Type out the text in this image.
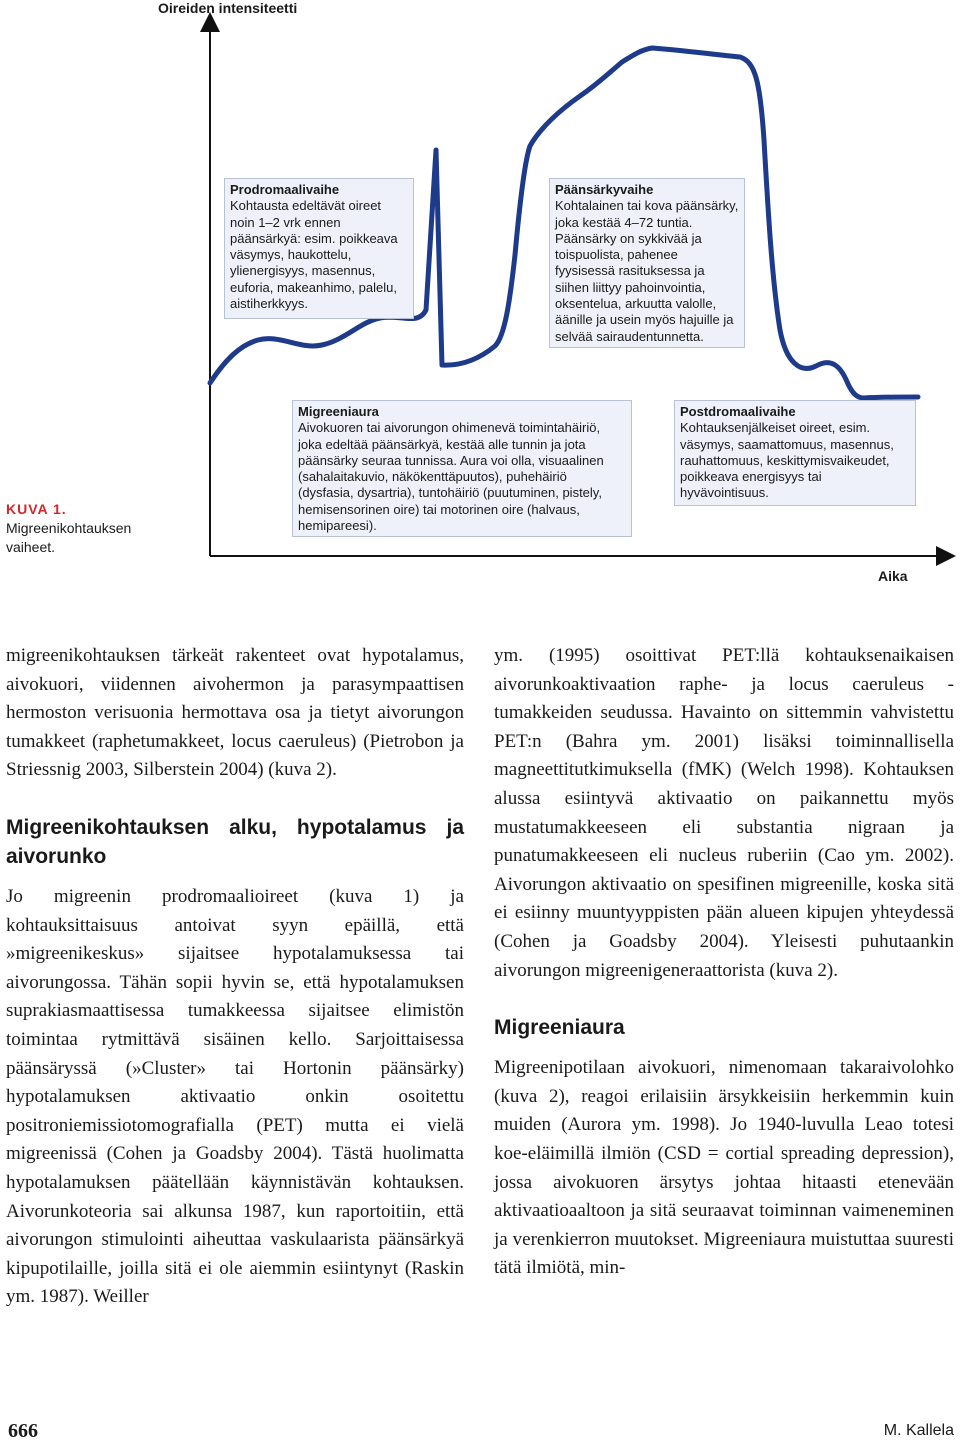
Oireiden intensiteetti
Aika
KUVA 1. Migreenikohtauksen vaiheet.
Prodromaalivaihe
Kohtausta edeltävät oireet noin 1–2 vrk ennen päänsärkyä: esim. poikkeava väsymys, haukottelu, ylienergisyys, masennus, euforia, makeanhimo, palelu, aistiherkkyys.
Päänsärkyvaihe
Kohtalainen tai kova päänsärky, joka kestää 4–72 tuntia. Päänsärky on sykkivää ja toispuolista, pahenee fyysisessä rasituksessa ja siihen liittyy pahoinvointia, oksentelua, arkuutta valolle, äänille ja usein myös hajuille ja selvää sairaudentunnetta.
Migreeniaura
Aivokuoren tai aivorungon ohimenevä toimintahäiriö, joka edeltää päänsärkyä, kestää alle tunnin ja jota päänsärky seuraa tunnissa. Aura voi olla, visuaalinen (sahalaitakuvio, näkökenttäpuutos), puhehäiriö (dysfasia, dysartria), tuntohäiriö (puutuminen, pistely, hemisensorinen oire) tai motorinen oire (halvaus, hemipareesi).
Postdromaalivaihe
Kohtauksenjälkeiset oireet, esim. väsymys, saamattomuus, masennus, rauhattomuus, keskittymisvaikeudet, poikkeava energisyys tai hyvävointisuus.

migreenikohtauksen tärkeät rakenteet ovat hypotalamus, aivokuori, viidennen aivohermon ja parasympaattisen hermoston verisuonia hermottava osa ja tietyt aivorungon tumakkeet (raphetumakkeet, locus caeruleus) (Pietrobon ja Striessnig 2003, Silberstein 2004) (kuva 2).

Migreenikohtauksen alku, hypotalamus ja aivorunko

Jo migreenin prodromaalioireet (kuva 1) ja kohtauksittaisuus antoivat syyn epäillä, että »migreenikeskus» sijaitsee hypotalamuksessa tai aivorungossa. Tähän sopii hyvin se, että hypotalamuksen suprakiasmaattisessa tumakkeessa sijaitsee elimistön toimintaa rytmittävä sisäinen kello. Sarjoittaisessa päänsäryssä (»Cluster» tai Hortonin päänsärky) hypotalamuksen aktivaatio onkin osoitettu positroniemissiotomografialla (PET) mutta ei vielä migreenissä (Cohen ja Goadsby 2004). Tästä huolimatta hypotalamuksen päätellään käynnistävän kohtauksen. Aivorunkoteoria sai alkunsa 1987, kun raportoitiin, että aivorungon stimulointi aiheuttaa vaskulaarista päänsärkyä kipupotilaille, joilla sitä ei ole aiemmin esiintynyt (Raskin ym. 1987). Weiller

ym. (1995) osoittivat PET:llä kohtauksenaikaisen aivorunkoaktivaation raphe- ja locus caeruleus -tumakkeiden seudussa. Havainto on sittemmin vahvistettu PET:n (Bahra ym. 2001) lisäksi toiminnallisella magneettitutkimuksella (fMK) (Welch 1998). Kohtauksen alussa esiintyvä aktivaatio on paikannettu myös mustatumakkeeseen eli substantia nigraan ja punatumakkeeseen eli nucleus ruberiin (Cao ym. 2002). Aivorungon aktivaatio on spesifinen migreenille, koska sitä ei esiinny muuntyyppisten pään alueen kipujen yhteydessä (Cohen ja Goadsby 2004). Yleisesti puhutaankin aivorungon migreenigeneraattorista (kuva 2).

Migreeniaura

Migreenipotilaan aivokuori, nimenomaan takaraivolohko (kuva 2), reagoi erilaisiin ärsykkeisiin herkemmin kuin muiden (Aurora ym. 1998). Jo 1940-luvulla Leao totesi koe-eläimillä ilmiön (CSD = cortial spreading depression), jossa aivokuoren ärsytys johtaa hitaasti etenevään aktivaatioaaltoon ja sitä seuraavat toiminnan vaimeneminen ja verenkierron muutokset. Migreeniaura muistuttaa suuresti tätä ilmiötä, min-

666	M. Kallela
